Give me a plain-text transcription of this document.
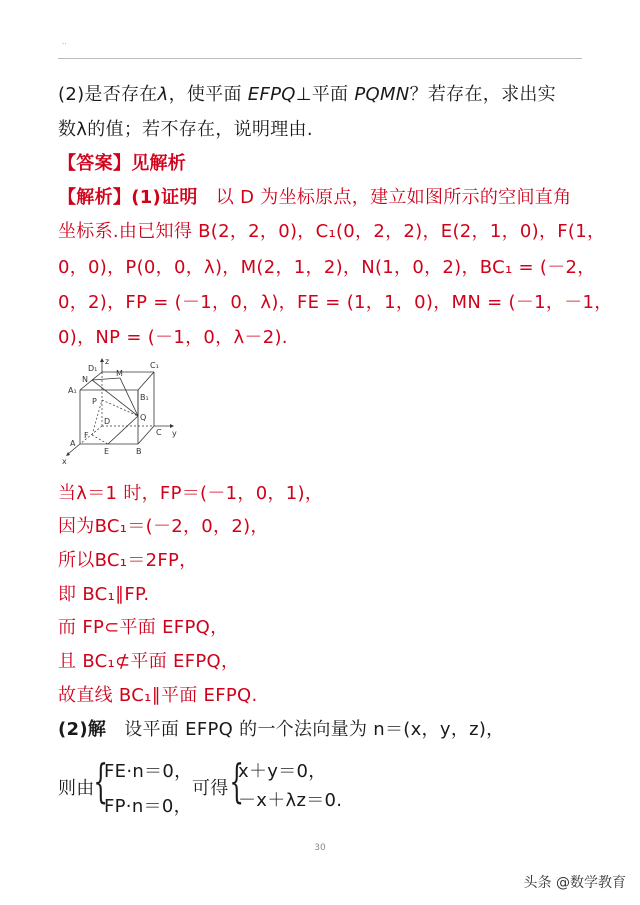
··
(2)是否存在λ，使平面 EFPQ⊥平面 PQMN？若存在，求出实
数λ的值；若不存在，说明理由.
【答案】见解析
【解析】(1)证明 以 D 为坐标原点，建立如图所示的空间直角
坐标系.由已知得 B(2，2，0)，C₁(0，2，2)，E(2，1，0)，F(1，
0，0)，P(0，0，λ)，M(2，1，2)，N(1，0，2)，BC₁ = (－2，
0，2)，FP = (－1，0，λ)，FE = (1，1，0)，MN = (－1，－1，
0)，NP = (－1，0，λ－2).
z
D₁	C₁
N
M
A₁
B₁
P
Q
D
C y
F
A
E	B
x
当λ＝1 时，FP＝(－1，0，1)，
因为BC₁＝(－2，0，2)，
所以BC₁＝2FP，
即 BC₁∥FP.
而 FP⊂平面 EFPQ，
且 BC₁⊄平面 EFPQ，
故直线 BC₁∥平面 EFPQ.
(2)解 设平面 EFPQ 的一个法向量为 n＝(x，y，z)，
则由
{
FE·n＝0，
FP·n＝0，
可得 {
x＋y＝0，
－x＋λz＝0.
30
头条 @数学教育
